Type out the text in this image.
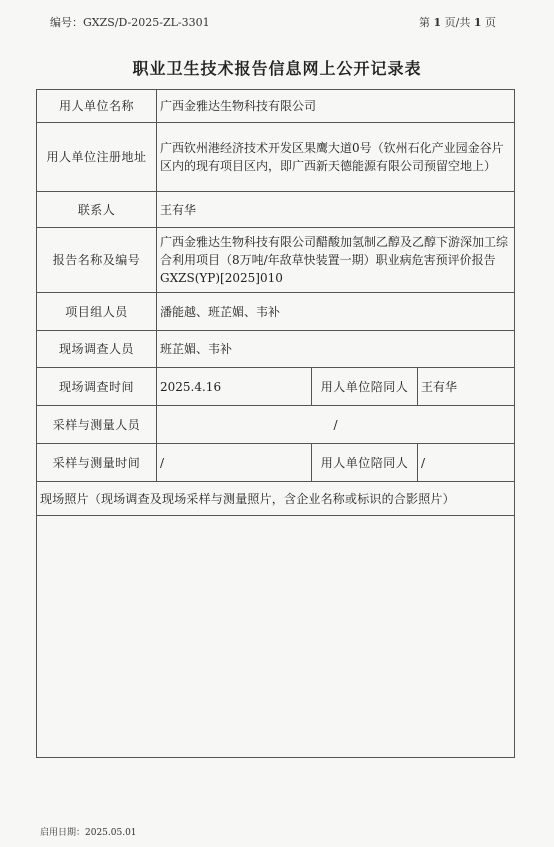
编号：GXZS/D-2025-ZL-3301	第 1 页/共 1 页
职业卫生技术报告信息网上公开记录表
用人单位名称	广西金雅达生物科技有限公司		
用人单位注册地址	广西钦州港经济技术开发区果鹰大道0号（钦州石化产业园金谷片区内的现有项目区内，即广西新天德能源有限公司预留空地上）		
联系人	王有华		
报告名称及编号	广西金雅达生物科技有限公司醋酸加氢制乙醇及乙醇下游深加工综合利用项目（8万吨/年敌草快装置一期）职业病危害预评价报告 GXZS(YP)[2025]010		
项目组人员	潘能越、班芷媚、韦补		
现场调查人员	班芷媚、韦补		
现场调查时间	2025.4.16	用人单位陪同人	王有华
采样与测量人员	/		
采样与测量时间	/	用人单位陪同人	/
现场照片（现场调查及现场采样与测量照片，含企业名称或标识的合影照片）			

启用日期：2025.05.01
